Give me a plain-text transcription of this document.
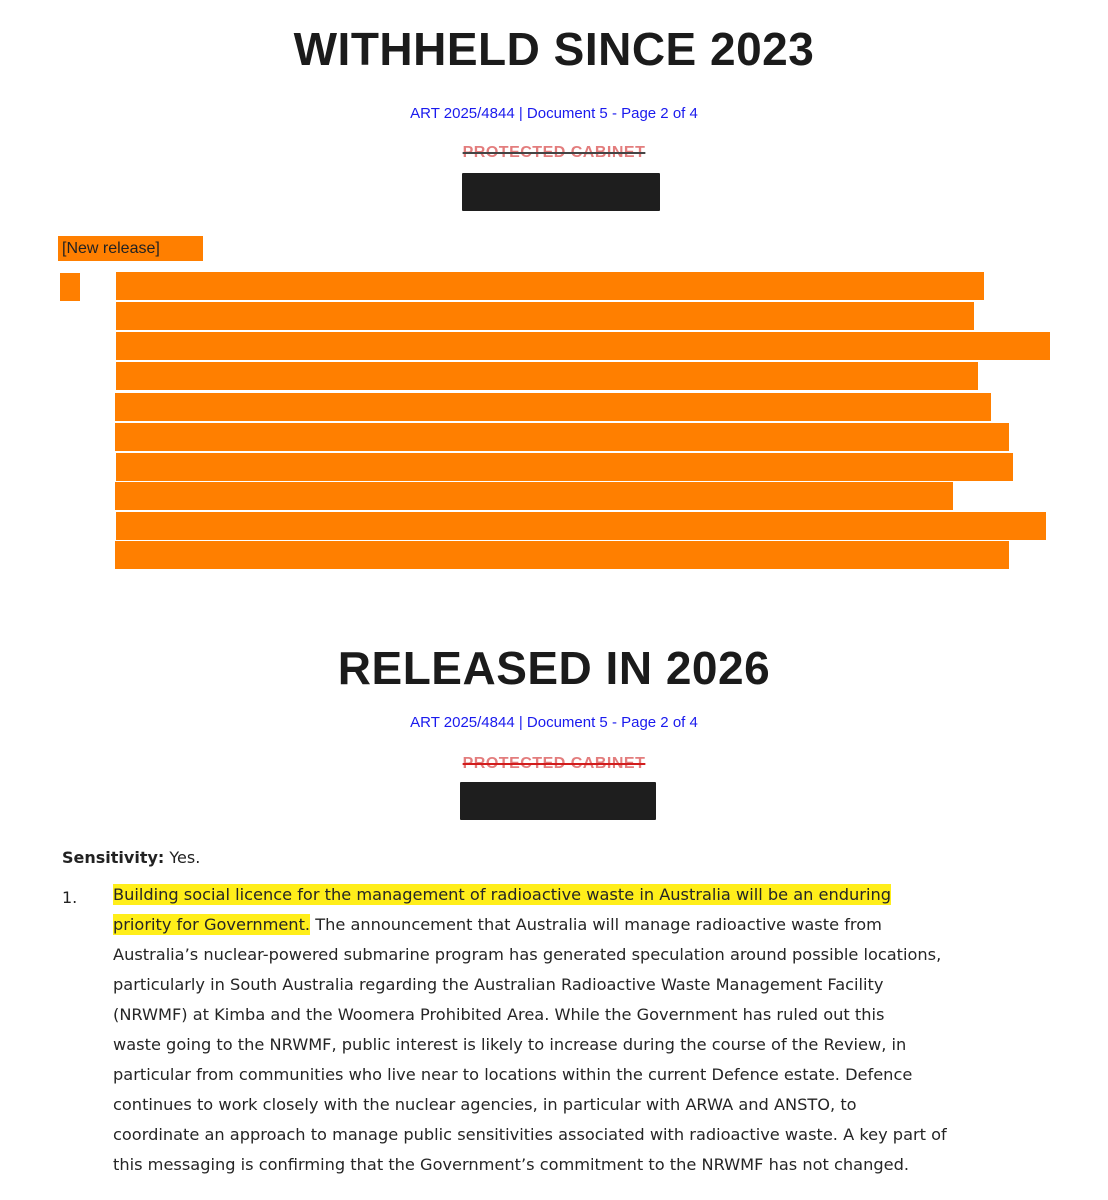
WITHHELD SINCE 2023
ART 2025/4844 | Document 5 - Page 2 of 4
PROTECTED CABINET
[New release]
RELEASED IN 2026
ART 2025/4844 | Document 5 - Page 2 of 4
PROTECTED CABINET
Sensitivity: Yes.
1. Building social licence for the management of radioactive waste in Australia will be an enduring
priority for Government. The announcement that Australia will manage radioactive waste from
Australia’s nuclear-powered submarine program has generated speculation around possible locations,
particularly in South Australia regarding the Australian Radioactive Waste Management Facility
(NRWMF) at Kimba and the Woomera Prohibited Area. While the Government has ruled out this
waste going to the NRWMF, public interest is likely to increase during the course of the Review, in
particular from communities who live near to locations within the current Defence estate. Defence
continues to work closely with the nuclear agencies, in particular with ARWA and ANSTO, to
coordinate an approach to manage public sensitivities associated with radioactive waste. A key part of
this messaging is confirming that the Government’s commitment to the NRWMF has not changed.
